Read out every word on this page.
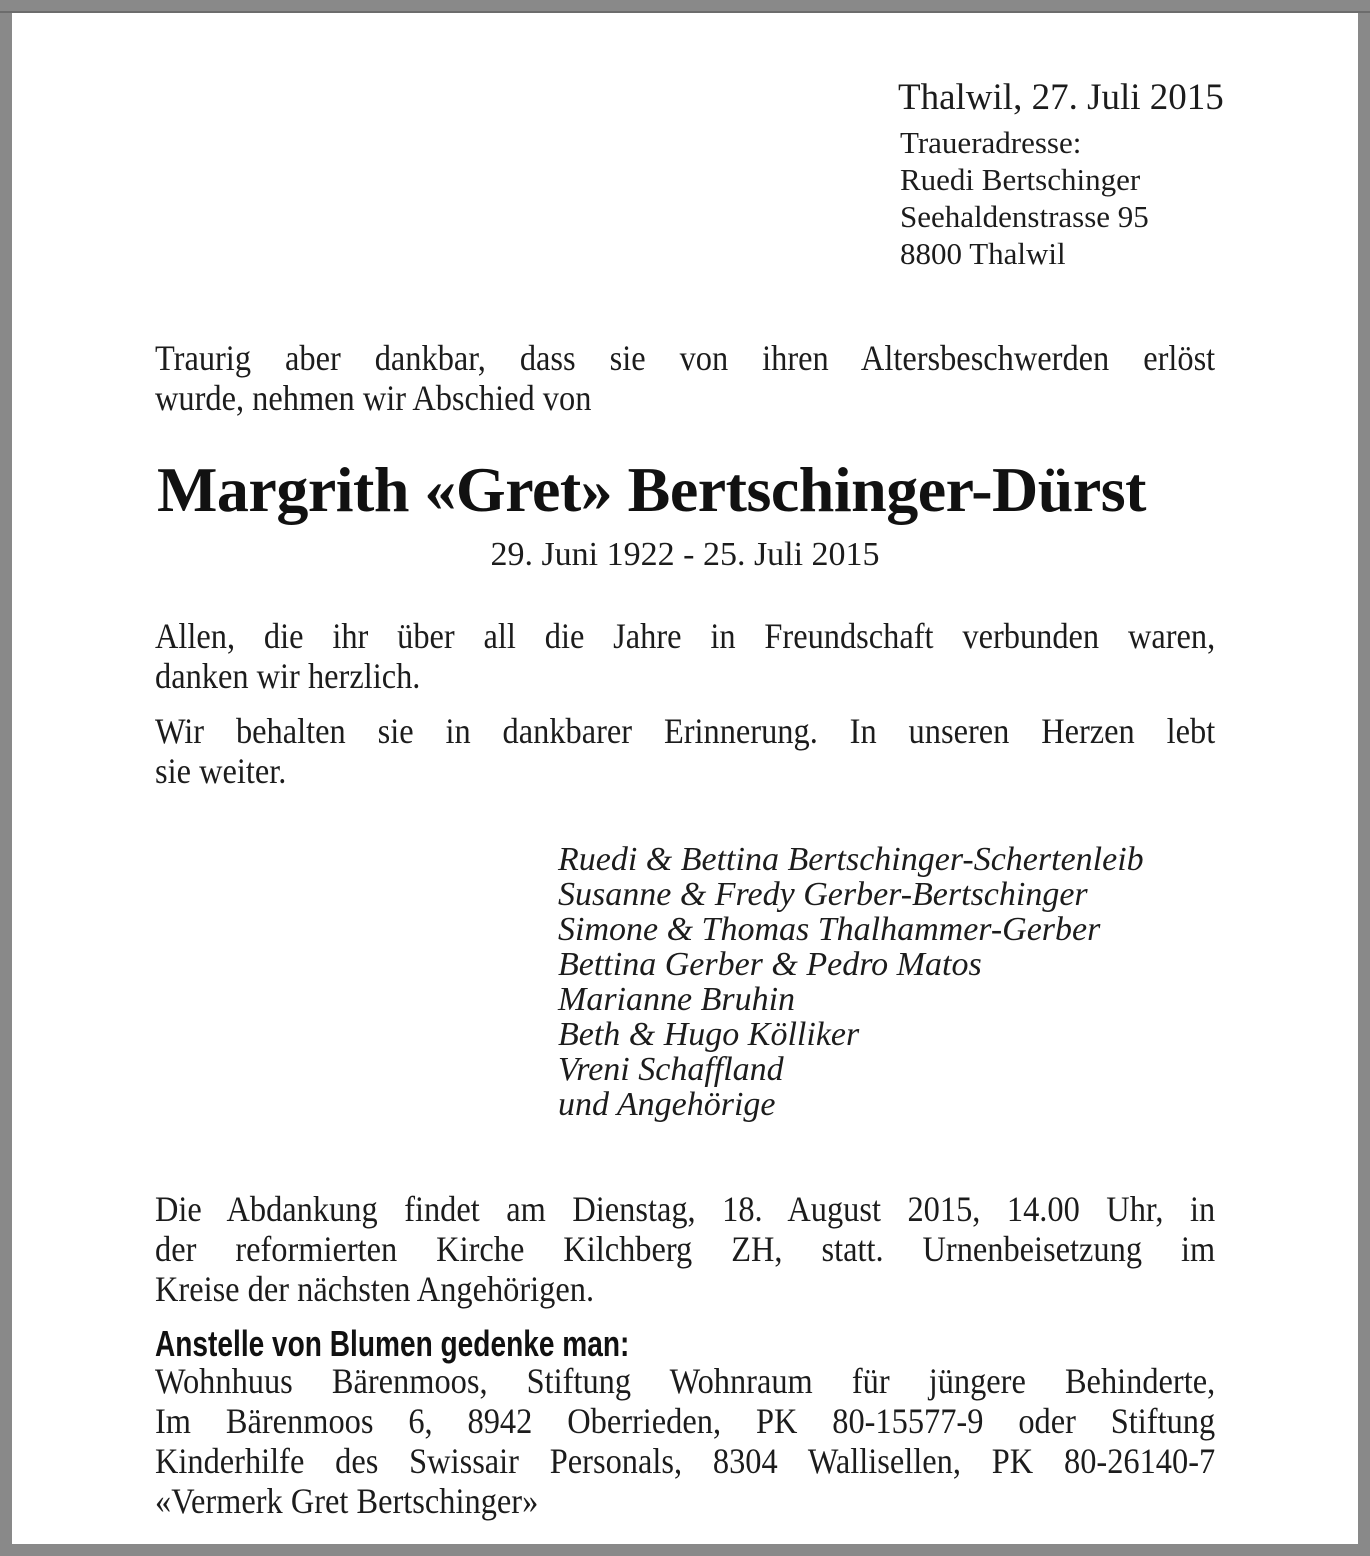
Thalwil, 27. Juli 2015
Traueradresse:
Ruedi Bertschinger
Seehaldenstrasse 95
8800 Thalwil
Traurig aber dankbar, dass sie von ihren Altersbeschwerden erlöst
wurde, nehmen wir Abschied von
Allen, die ihr über all die Jahre in Freundschaft verbunden waren,
danken wir herzlich.
Wir behalten sie in dankbarer Erinnerung. In unseren Herzen lebt
sie weiter.
Die Abdankung findet am Dienstag, 18. August 2015, 14.00 Uhr, in
der reformierten Kirche Kilchberg ZH, statt. Urnenbeisetzung im
Kreise der nächsten Angehörigen.
Wohnhuus Bärenmoos, Stiftung Wohnraum für jüngere Behinderte,
Im Bärenmoos 6, 8942 Oberrieden, PK 80-15577-9 oder Stiftung
Kinderhilfe des Swissair Personals, 8304 Wallisellen, PK 80-26140-7
«Vermerk Gret Bertschinger»
Margrith «Gret» Bertschinger-Dürst
29. Juni 1922 - 25. Juli 2015
Ruedi & Bettina Bertschinger-Schertenleib
Susanne & Fredy Gerber-Bertschinger
Simone & Thomas Thalhammer-Gerber
Bettina Gerber & Pedro Matos
Marianne Bruhin
Beth & Hugo Kölliker
Vreni Schaffland
und Angehörige
Anstelle von Blumen gedenke man:
